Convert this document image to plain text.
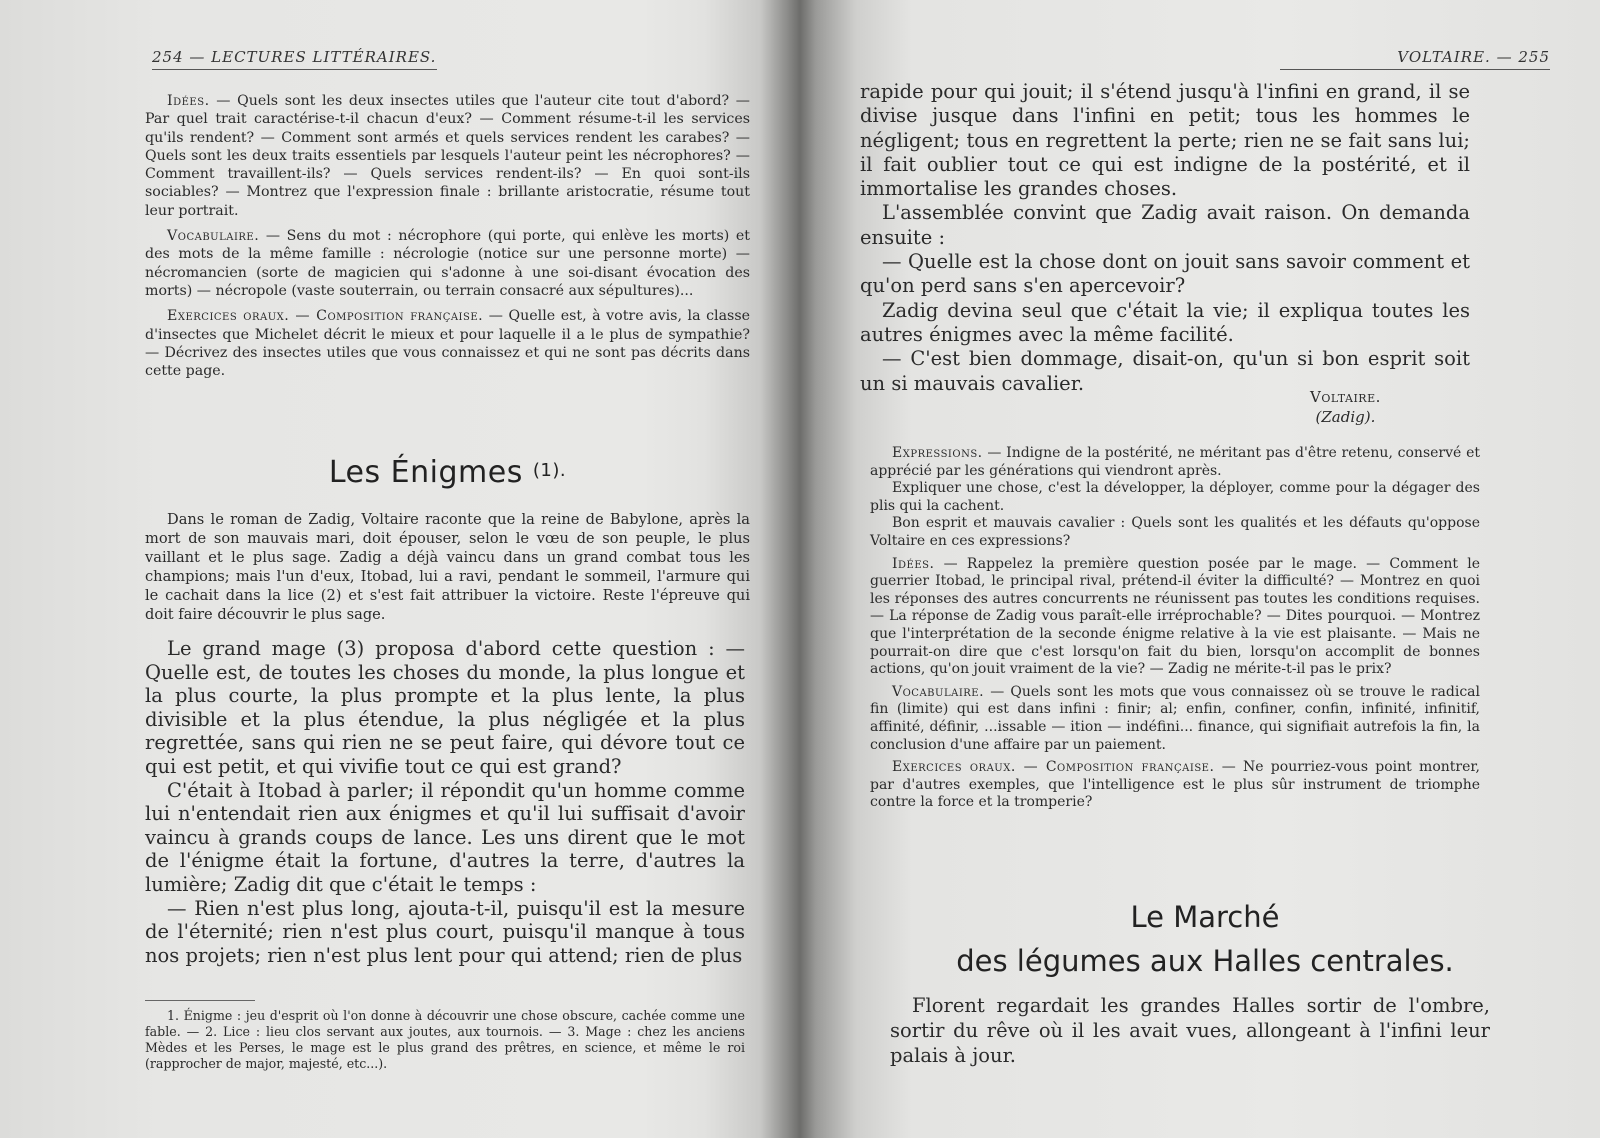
254 — LECTURES LITTÉRAIRES.

Idées. — Quels sont les deux insectes utiles que l'auteur cite tout d'abord? — Par quel trait caractérise-t-il chacun d'eux? — Comment résume-t-il les services qu'ils rendent? — Comment sont armés et quels services rendent les carabes? — Quels sont les deux traits essentiels par lesquels l'auteur peint les nécrophores? — Comment travaillent-ils? — Quels services rendent-ils? — En quoi sont-ils sociables? — Montrez que l'expression finale : brillante aristocratie, résume tout leur portrait.

Vocabulaire. — Sens du mot : nécrophore (qui porte, qui enlève les morts) et des mots de la même famille : nécrologie (notice sur une personne morte) — nécromancien (sorte de magicien qui s'adonne à une soi-disant évocation des morts) — nécropole (vaste souterrain, ou terrain consacré aux sépultures)...

Exercices oraux. — Composition française. — Quelle est, à votre avis, la classe d'insectes que Michelet décrit le mieux et pour laquelle il a le plus de sympathie? — Décrivez des insectes utiles que vous connaissez et qui ne sont pas décrits dans cette page.

Les Énigmes $^{(1).}$

Dans le roman de Zadig, Voltaire raconte que la reine de Babylone, après la mort de son mauvais mari, doit épouser, selon le vœu de son peuple, le plus vaillant et le plus sage. Zadig a déjà vaincu dans un grand combat tous les champions; mais l'un d'eux, Itobad, lui a ravi, pendant le sommeil, l'armure qui le cachait dans la lice (2) et s'est fait attribuer la victoire. Reste l'épreuve qui doit faire découvrir le plus sage.

Le grand mage (3) proposa d'abord cette question : — Quelle est, de toutes les choses du monde, la plus longue et la plus courte, la plus prompte et la plus lente, la plus divisible et la plus étendue, la plus négligée et la plus regrettée, sans qui rien ne se peut faire, qui dévore tout ce qui est petit, et qui vivifie tout ce qui est grand?

C'était à Itobad à parler; il répondit qu'un homme comme lui n'entendait rien aux énigmes et qu'il lui suffisait d'avoir vaincu à grands coups de lance. Les uns dirent que le mot de l'énigme était la fortune, d'autres la terre, d'autres la lumière; Zadig dit que c'était le temps :

— Rien n'est plus long, ajouta-t-il, puisqu'il est la mesure de l'éternité; rien n'est plus court, puisqu'il manque à tous nos projets; rien n'est plus lent pour qui attend; rien de plus

1. Énigme : jeu d'esprit où l'on donne à découvrir une chose obscure, cachée comme une fable. — 2. Lice : lieu clos servant aux joutes, aux tournois. — 3. Mage : chez les anciens Mèdes et les Perses, le mage est le plus grand des prêtres, en science, et même le roi (rapprocher de major, majesté, etc...).

VOLTAIRE. — 255

rapide pour qui jouit; il s'étend jusqu'à l'infini en grand, il se divise jusque dans l'infini en petit; tous les hommes le négligent; tous en regrettent la perte; rien ne se fait sans lui; il fait oublier tout ce qui est indigne de la postérité, et il immortalise les grandes choses.

L'assemblée convint que Zadig avait raison. On demanda ensuite :

— Quelle est la chose dont on jouit sans savoir comment et qu'on perd sans s'en apercevoir?

Zadig devina seul que c'était la vie; il expliqua toutes les autres énigmes avec la même facilité.

— C'est bien dommage, disait-on, qu'un si bon esprit soit un si mauvais cavalier.

Voltaire.
(Zadig).

Expressions. — Indigne de la postérité, ne méritant pas d'être retenu, conservé et apprécié par les générations qui viendront après.

Expliquer une chose, c'est la développer, la déployer, comme pour la dégager des plis qui la cachent.

Bon esprit et mauvais cavalier : Quels sont les qualités et les défauts qu'oppose Voltaire en ces expressions?

Idées. — Rappelez la première question posée par le mage. — Comment le guerrier Itobad, le principal rival, prétend-il éviter la difficulté? — Montrez en quoi les réponses des autres concurrents ne réunissent pas toutes les conditions requises. — La réponse de Zadig vous paraît-elle irréprochable? — Dites pourquoi. — Montrez que l'interprétation de la seconde énigme relative à la vie est plaisante. — Mais ne pourrait-on dire que c'est lorsqu'on fait du bien, lorsqu'on accomplit de bonnes actions, qu'on jouit vraiment de la vie? — Zadig ne mérite-t-il pas le prix?

Vocabulaire. — Quels sont les mots que vous connaissez où se trouve le radical fin (limite) qui est dans infini : finir; al; enfin, confiner, confin, infinité, infinitif, affinité, définir, ...issable — ition — indéfini... finance, qui signifiait autrefois la fin, la conclusion d'une affaire par un paiement.

Exercices oraux. — Composition française. — Ne pourriez-vous point montrer, par d'autres exemples, que l'intelligence est le plus sûr instrument de triomphe contre la force et la tromperie?

Le Marché
des légumes aux Halles centrales.

Florent regardait les grandes Halles sortir de l'ombre, sortir du rêve où il les avait vues, allongeant à l'infini leur palais à jour.
